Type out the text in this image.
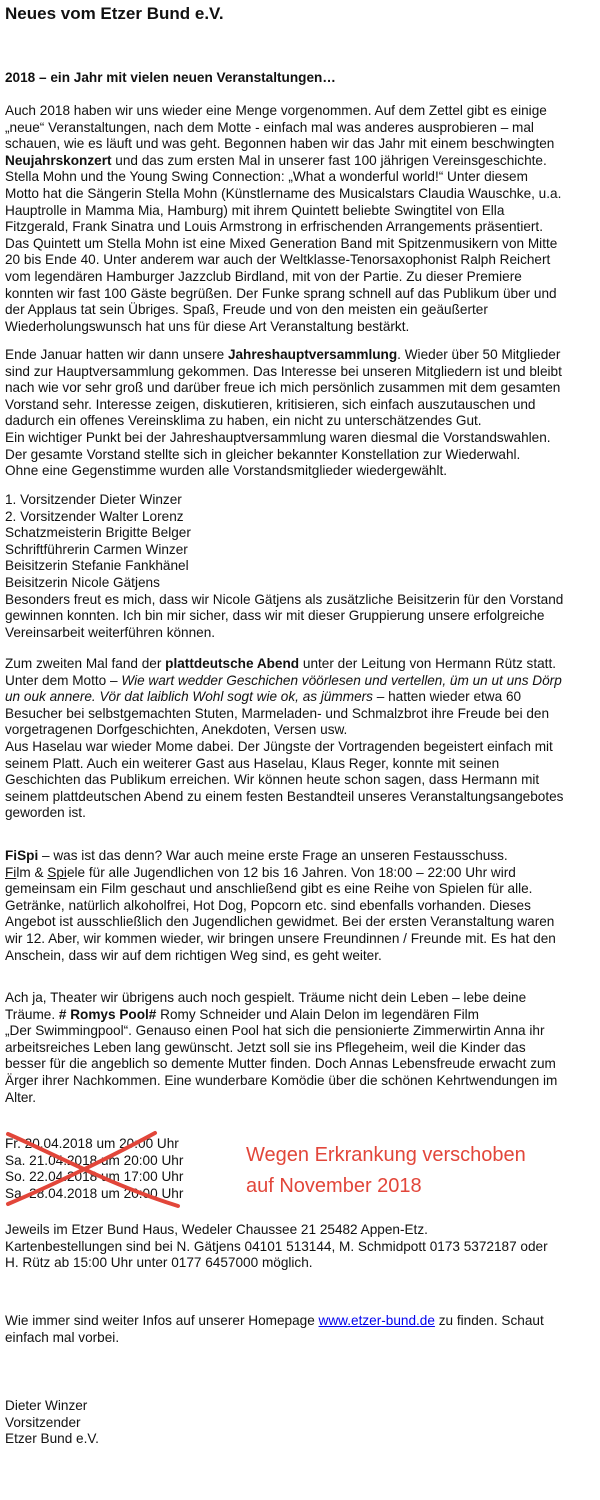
Neues vom Etzer Bund e.V.
2018 – ein Jahr mit vielen neuen Veranstaltungen…
Auch 2018 haben wir uns wieder eine Menge vorgenommen. Auf dem Zettel gibt es einige
„neue“ Veranstaltungen, nach dem Motte - einfach mal was anderes ausprobieren – mal
schauen, wie es läuft und was geht. Begonnen haben wir das Jahr mit einem beschwingten
Neujahrskonzert und das zum ersten Mal in unserer fast 100 jährigen Vereinsgeschichte.
Stella Mohn und the Young Swing Connection: „What a wonderful world!“ Unter diesem
Motto hat die Sängerin Stella Mohn (Künstlername des Musicalstars Claudia Wauschke, u.a.
Hauptrolle in Mamma Mia, Hamburg) mit ihrem Quintett beliebte Swingtitel von Ella
Fitzgerald, Frank Sinatra und Louis Armstrong in erfrischenden Arrangements präsentiert.
Das Quintett um Stella Mohn ist eine Mixed Generation Band mit Spitzenmusikern von Mitte
20 bis Ende 40. Unter anderem war auch der Weltklasse-Tenorsaxophonist Ralph Reichert
vom legendären Hamburger Jazzclub Birdland, mit von der Partie. Zu dieser Premiere
konnten wir fast 100 Gäste begrüßen. Der Funke sprang schnell auf das Publikum über und
der Applaus tat sein Übriges. Spaß, Freude und von den meisten ein geäußerter
Wiederholungswunsch hat uns für diese Art Veranstaltung bestärkt.
Ende Januar hatten wir dann unsere Jahreshauptversammlung. Wieder über 50 Mitglieder
sind zur Hauptversammlung gekommen. Das Interesse bei unseren Mitgliedern ist und bleibt
nach wie vor sehr groß und darüber freue ich mich persönlich zusammen mit dem gesamten
Vorstand sehr. Interesse zeigen, diskutieren, kritisieren, sich einfach auszutauschen und
dadurch ein offenes Vereinsklima zu haben, ein nicht zu unterschätzendes Gut.
Ein wichtiger Punkt bei der Jahreshauptversammlung waren diesmal die Vorstandswahlen.
Der gesamte Vorstand stellte sich in gleicher bekannter Konstellation zur Wiederwahl.
Ohne eine Gegenstimme wurden alle Vorstandsmitglieder wiedergewählt.
1. Vorsitzender Dieter Winzer
2. Vorsitzender Walter Lorenz
Schatzmeisterin Brigitte Belger
Schriftführerin Carmen Winzer
Beisitzerin Stefanie Fankhänel
Beisitzerin Nicole Gätjens
Besonders freut es mich, dass wir Nicole Gätjens als zusätzliche Beisitzerin für den Vorstand
gewinnen konnten. Ich bin mir sicher, dass wir mit dieser Gruppierung unsere erfolgreiche
Vereinsarbeit weiterführen können.
Zum zweiten Mal fand der plattdeutsche Abend unter der Leitung von Hermann Rütz statt.
Unter dem Motto – Wie wart wedder Geschichen vöörlesen und vertellen, üm un ut uns Dörp
un ouk annere. Vör dat laiblich Wohl sogt wie ok, as jümmers – hatten wieder etwa 60
Besucher bei selbstgemachten Stuten, Marmeladen- und Schmalzbrot ihre Freude bei den
vorgetragenen Dorfgeschichten, Anekdoten, Versen usw.
Aus Haselau war wieder Mome dabei. Der Jüngste der Vortragenden begeistert einfach mit
seinem Platt. Auch ein weiterer Gast aus Haselau, Klaus Reger, konnte mit seinen
Geschichten das Publikum erreichen. Wir können heute schon sagen, dass Hermann mit
seinem plattdeutschen Abend zu einem festen Bestandteil unseres Veranstaltungsangebotes
geworden ist.
FiSpi – was ist das denn? War auch meine erste Frage an unseren Festausschuss.
Film & Spiele für alle Jugendlichen von 12 bis 16 Jahren. Von 18:00 – 22:00 Uhr wird
gemeinsam ein Film geschaut und anschließend gibt es eine Reihe von Spielen für alle.
Getränke, natürlich alkoholfrei, Hot Dog, Popcorn etc. sind ebenfalls vorhanden. Dieses
Angebot ist ausschließlich den Jugendlichen gewidmet. Bei der ersten Veranstaltung waren
wir 12. Aber, wir kommen wieder, wir bringen unsere Freundinnen / Freunde mit. Es hat den
Anschein, dass wir auf dem richtigen Weg sind, es geht weiter.
Ach ja, Theater wir übrigens auch noch gespielt. Träume nicht dein Leben – lebe deine
Träume. # Romys Pool# Romy Schneider und Alain Delon im legendären Film
„Der Swimmingpool“. Genauso einen Pool hat sich die pensionierte Zimmerwirtin Anna ihr
arbeitsreiches Leben lang gewünscht. Jetzt soll sie ins Pflegeheim, weil die Kinder das
besser für die angeblich so demente Mutter finden. Doch Annas Lebensfreude erwacht zum
Ärger ihrer Nachkommen. Eine wunderbare Komödie über die schönen Kehrtwendungen im
Alter.
Fr. 20.04.2018 um 20:00 Uhr
Sa. 21.04.2018 um 20:00 Uhr
So. 22.04.2018 um 17:00 Uhr
Sa. 28.04.2018 um 20:00 Uhr
Wegen Erkrankung verschoben
auf November 2018
Jeweils im Etzer Bund Haus, Wedeler Chaussee 21 25482 Appen-Etz.
Kartenbestellungen sind bei N. Gätjens 04101 513144, M. Schmidpott 0173 5372187 oder
H. Rütz ab 15:00 Uhr unter 0177 6457000 möglich.
Wie immer sind weiter Infos auf unserer Homepage www.etzer-bund.de zu finden. Schaut
einfach mal vorbei.
Dieter Winzer
Vorsitzender
Etzer Bund e.V.
